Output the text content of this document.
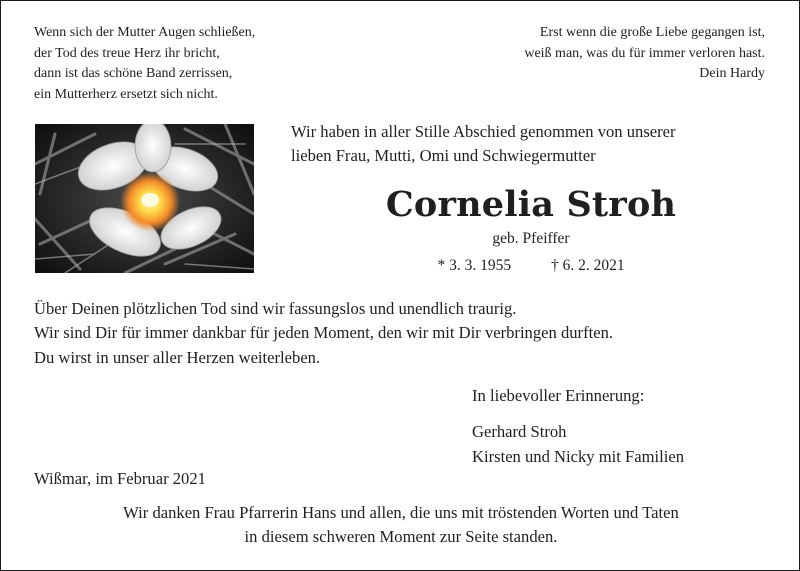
Wenn sich der Mutter Augen schließen,
der Tod des treue Herz ihr bricht,
dann ist das schöne Band zerrissen,
ein Mutterherz ersetzt sich nicht.
Erst wenn die große Liebe gegangen ist,
weiß man, was du für immer verloren hast.
Dein Hardy
Wir haben in aller Stille Abschied genommen von unserer
lieben Frau, Mutti, Omi und Schwiegermutter
Cornelia Stroh
geb. Pfeiffer
* 3. 3. 1955	† 6. 2. 2021
Über Deinen plötzlichen Tod sind wir fassungslos und unendlich traurig.
Wir sind Dir für immer dankbar für jeden Moment, den wir mit Dir verbringen durften.
Du wirst in unser aller Herzen weiterleben.
In liebevoller Erinnerung:
Gerhard Stroh
Kirsten und Nicky mit Familien
Wißmar, im Februar 2021
Wir danken Frau Pfarrerin Hans und allen, die uns mit tröstenden Worten und Taten
in diesem schweren Moment zur Seite standen.
